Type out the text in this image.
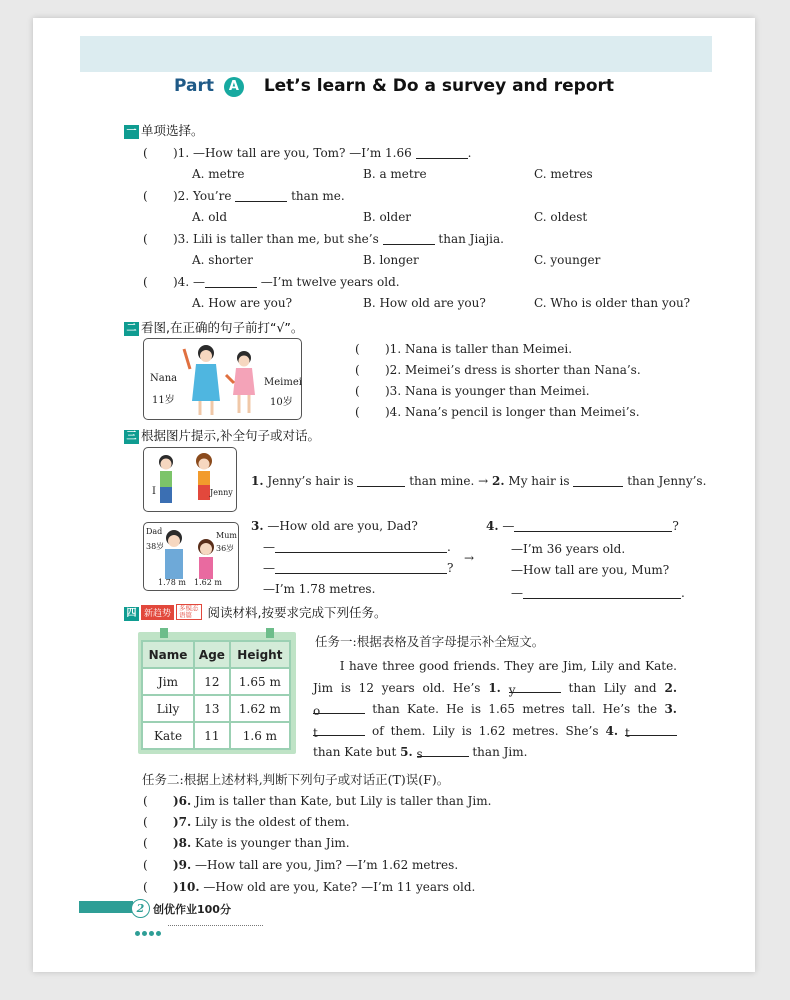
Part A Let’s learn & Do a survey and report
一 单项选择。
( )1. —How tall are you, Tom? —I’m 1.66	.
A. metre	B. a metre	C. metres
( )2. You’re	than me.
A. old	B. older	C. oldest
( )3. Lili is taller than me, but she’s	than Jiajia.
A. shorter	B. longer	C. younger
( )4. —	—I’m twelve years old.
A. How are you?	B. How old are you?	C. Who is older than you?
二 看图,在正确的句子前打“√”。
Nana
11岁
Meimei
10岁
( )1. Nana is taller than Meimei.
( )2. Meimei’s dress is shorter than Nana’s.
( )3. Nana is younger than Meimei.
( )4. Nana’s pencil is longer than Meimei’s.
三 根据图片提示,补全句子或对话。
I	Jenny
1. Jenny’s hair is	than mine. → 2. My hair is	than Jenny’s.
Dad
38岁
Mum
36岁
1.78 m 1.62 m
3. —How old are you, Dad?
—	.
—	?
—I’m 1.78 metres.
→
4. —	?
—I’m 36 years old.
—How tall are you, Mum?
—	.
四 新趋势多模态
语篇 阅读材料,按要求完成下列任务。
Name	Age	Height
Jim	12	1.65 m
Lily	13	1.62 m
Kate	11	1.6 m
任务一:根据表格及首字母提示补全短文。
I have three good friends. They are Jim, Lily and Kate. Jim is 12 years old. He’s 1. y	than Lily and 2. o	than Kate. He is 1.65 metres tall. He’s the 3. t	of them. Lily is 1.62 metres. She’s 4. t than Kate but 5. s	than Jim.
任务二:根据上述材料,判断下列句子或对话正(T)误(F)。
( )6. Jim is taller than Kate, but Lily is taller than Jim.
( )7. Lily is the oldest of them.
( )8. Kate is younger than Jim.
( )9. —How tall are you, Jim? —I’m 1.62 metres.
( )10. —How old are you, Kate? —I’m 11 years old.
2 创优作业100分
